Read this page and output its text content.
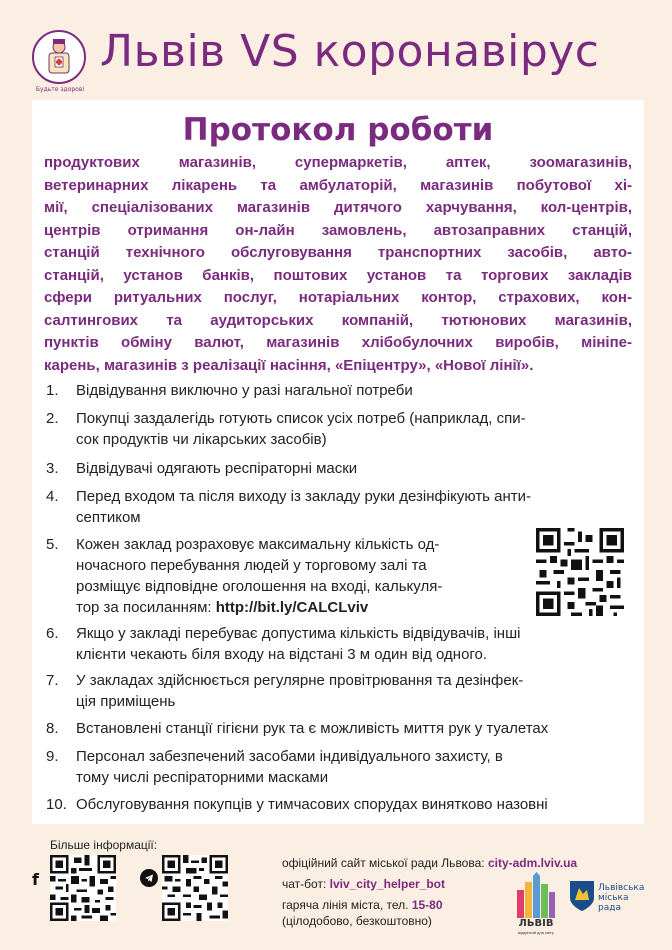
Будьте здорові
Львів VS коронавірус
Протокол роботи
продуктових магазинів, супермаркетів, аптек, зоомагазинів,
ветеринарних лікарень та амбулаторій, магазинів побутової хі-
мії, спеціалізованих магазинів дитячого харчування, кол-центрів,
центрів отримання он-лайн замовлень, автозаправних станцій,
станцій технічного обслуговування транспортних засобів, авто-
станцій, установ банків, поштових установ та торгових закладів
сфери ритуальних послуг, нотаріальних контор, страхових, кон-
салтингових та аудиторських компаній, тютюнових магазинів,
пунктів обміну валют, магазинів хлібобулочних виробів, мініпе-
карень, магазинів з реалізації насіння, «Епіцентру», «Нової лінії».
1.	Відвідування виключно у разі нагальної потреби
2.	Покупці заздалегідь готують список усіх потреб (наприклад, спи-
сок продуктів чи лікарських засобів)
3.	Відвідувачі одягають респіраторні маски
4.	Перед входом та після виходу із закладу руки дезінфікують анти-
септиком
5.	Кожен заклад розраховує максимальну кількість од-
ночасного перебування людей у торговому залі та
розміщує відповідне оголошення на вході, калькуля-
тор за посиланням: http://bit.ly/CALCLviv
6.	Якщо у закладі перебуває допустима кількість відвідувачів, інші
клієнти чекають біля входу на відстані 3 м один від одного.
7.	У закладах здійснюється регулярне провітрювання та дезінфек-
ція приміщень
8.	Встановлені станції гігієни рук та є можливість миття рук у туалетах
9.	Персонал забезпечений засобами індивідуального захисту, в
тому числі респіраторними масками
10. Обслуговування покупців у тимчасових спорудах винятково назовні
Більше інформації:
f
офіційний сайт міської ради Львова: city-adm.lviv.ua
чат-бот: lviv_city_helper_bot
гаряча лінія міста, тел. 15-80
(цілодобово, безкоштовно)	ЛЬВІВ
відкритий для світу
Львівська
міська
рада
